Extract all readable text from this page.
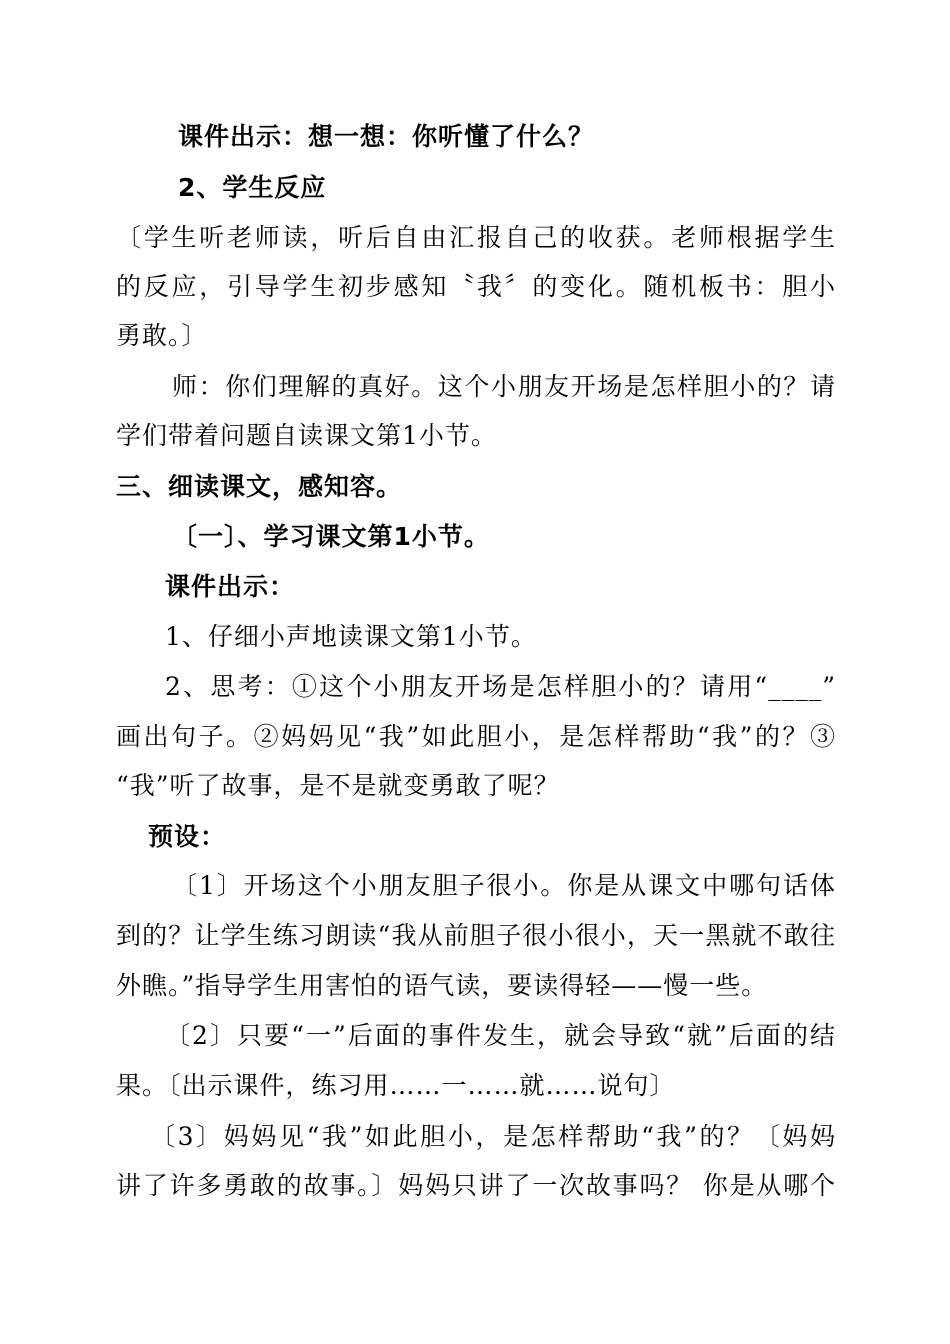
课件出示：想一想：你听懂了什么？
2、学生反应
〔学生听老师读，听后自由汇报自己的收获。老师根据学生
的反应，引导学生初步感知〝我〞的变化。随机板书：胆小
勇敢。〕
师：你们理解的真好。这个小朋友开场是怎样胆小的？请
学们带着问题自读课文第1小节。
三、细读课文，感知容。
〔一〕、学习课文第1小节。
课件出示：
1、仔细小声地读课文第1小节。
2、思考：①这个小朋友开场是怎样胆小的？请用“____”
画出句子。②妈妈见“我”如此胆小，是怎样帮助“我”的？③
“我”听了故事，是不是就变勇敢了呢？
预设：
〔1〕开场这个小朋友胆子很小。你是从课文中哪句话体
到的？让学生练习朗读“我从前胆子很小很小，天一黑就不敢往
外瞧。”指导学生用害怕的语气读，要读得轻——慢一些。
〔2〕只要“一”后面的事件发生，就会导致“就”后面的结
果。〔出示课件，练习用……一……就……说句〕
〔3〕妈妈见“我”如此胆小，是怎样帮助“我”的？〔妈妈
讲了许多勇敢的故事。〕妈妈只讲了一次故事吗？ 你是从哪个
